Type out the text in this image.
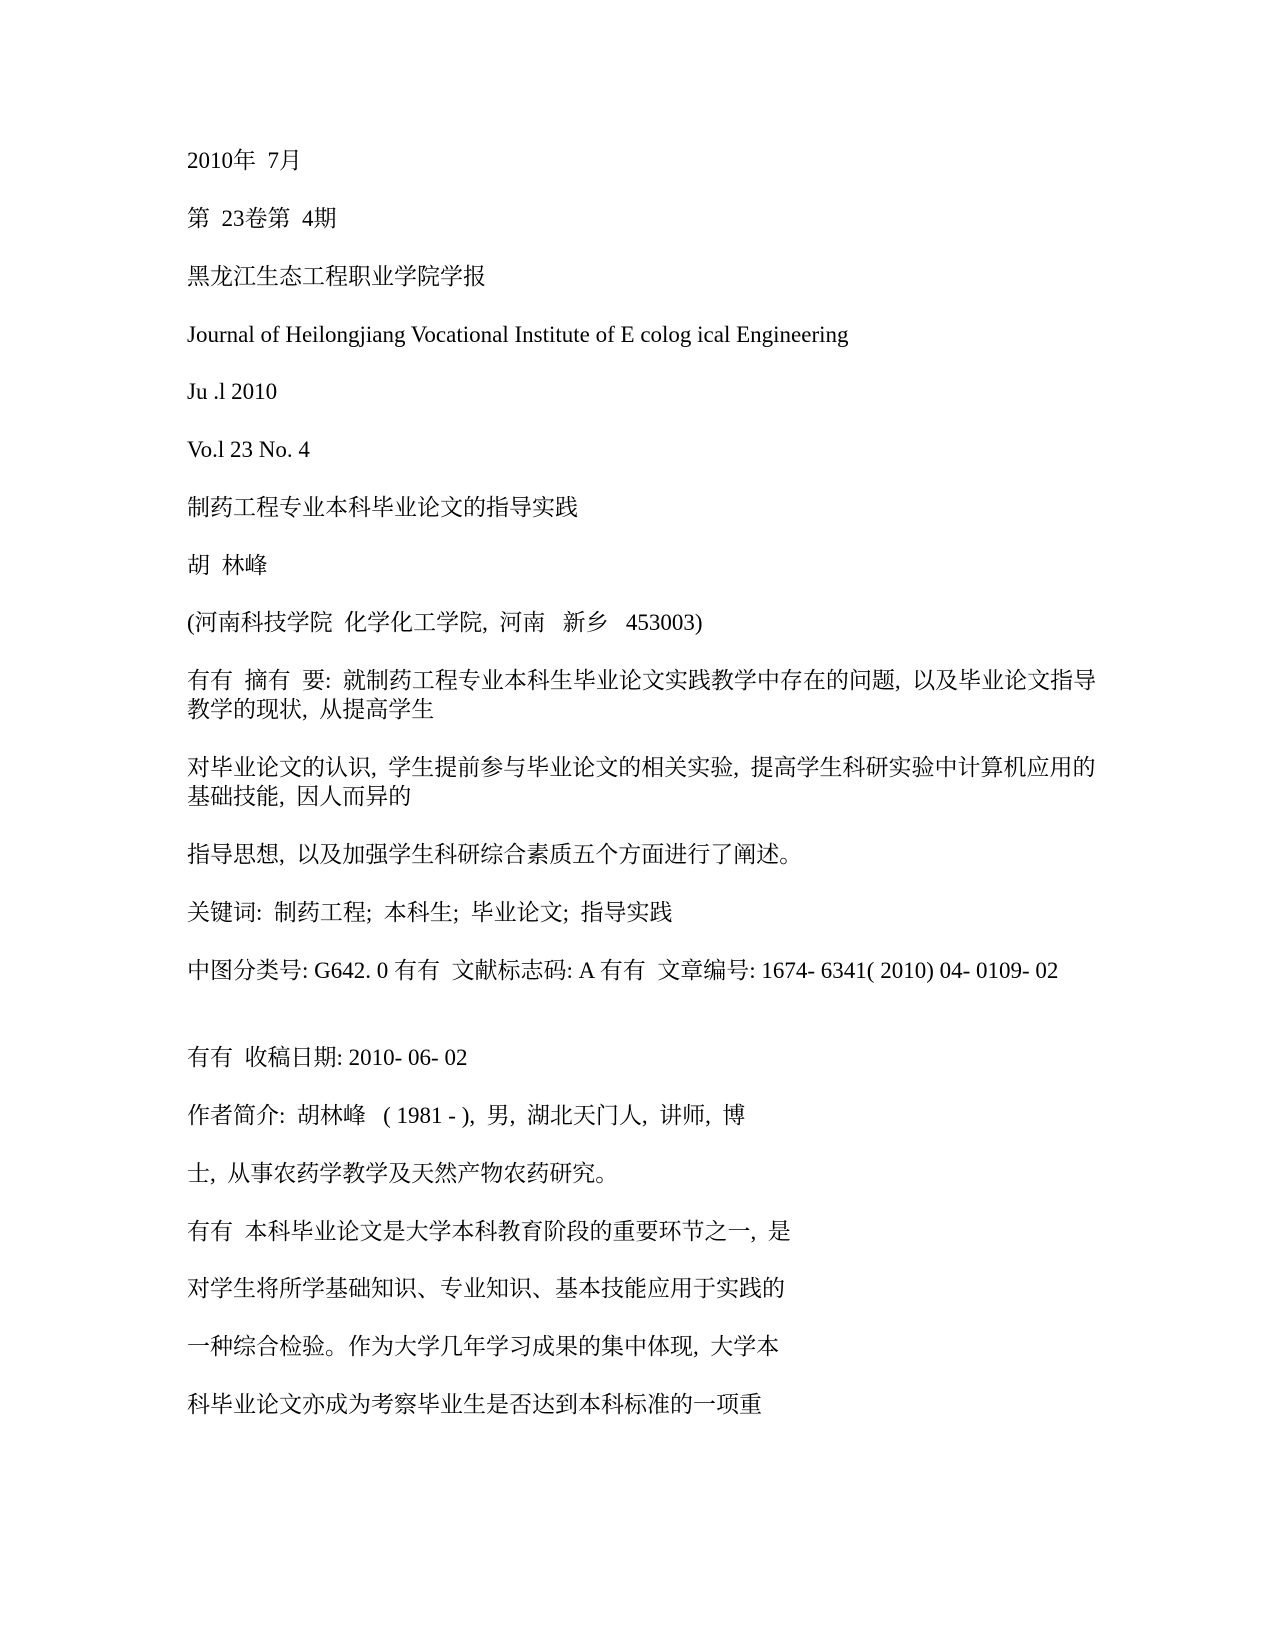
2010年  7月
第  23卷第  4期
黑龙江生态工程职业学院学报
Journal of Heilongjiang Vocational Institute of E colog ical Engineering
Ju .l 2010
Vo.l 23 No. 4
制药工程专业本科毕业论文的指导实践
胡  林峰
(河南科技学院  化学化工学院,  河南   新乡   453003)
有有  摘有  要:  就制药工程专业本科生毕业论文实践教学中存在的问题,  以及毕业论文指导教学的现状,  从提高学生
对毕业论文的认识,  学生提前参与毕业论文的相关实验,  提高学生科研实验中计算机应用的基础技能,  因人而异的
指导思想,  以及加强学生科研综合素质五个方面进行了阐述。
关键词:  制药工程;  本科生;  毕业论文;  指导实践
中图分类号: G642. 0 有有  文献标志码: A 有有  文章编号: 1674- 6341( 2010) 04- 0109- 02
有有  收稿日期: 2010- 06- 02
作者简介:  胡林峰   ( 1981 - ),  男,  湖北天门人,  讲师,  博
士,  从事农药学教学及天然产物农药研究。
有有  本科毕业论文是大学本科教育阶段的重要环节之一,  是
对学生将所学基础知识、专业知识、基本技能应用于实践的
一种综合检验。作为大学几年学习成果的集中体现,  大学本
科毕业论文亦成为考察毕业生是否达到本科标准的一项重
